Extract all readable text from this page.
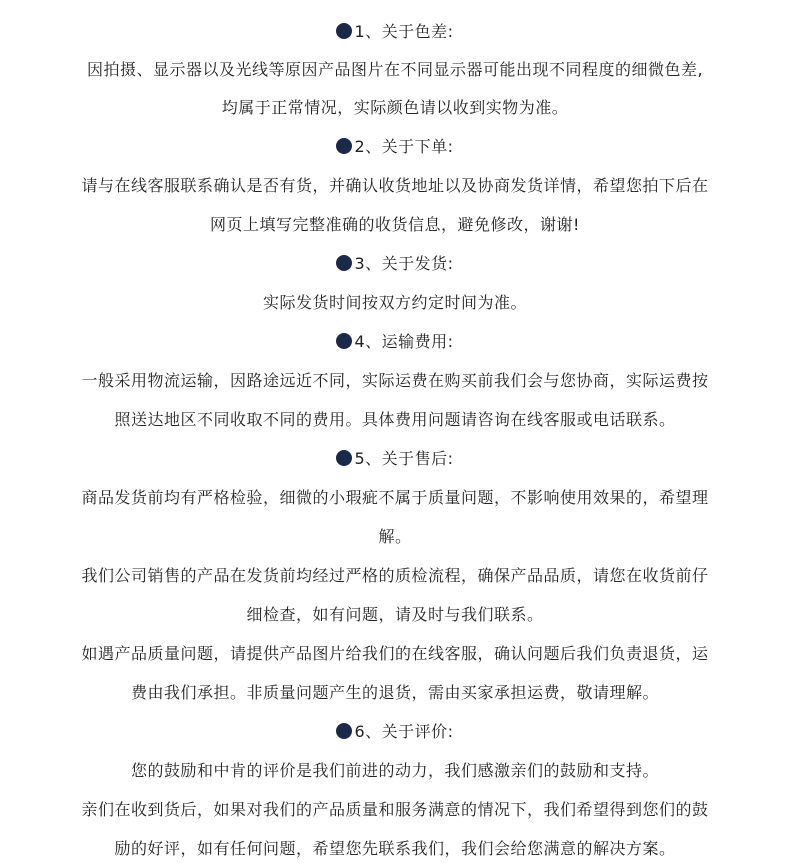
1、关于色差:
因拍摄、显示器以及光线等原因产品图片在不同显示器可能出现不同程度的细微色差,
均属于正常情况，实际颜色请以收到实物为准。
2、关于下单:
请与在线客服联系确认是否有货，并确认收货地址以及协商发货详情，希望您拍下后在
网页上填写完整准确的收货信息，避免修改，谢谢!
3、关于发货:
实际发货时间按双方约定时间为准。
4、运输费用:
一般采用物流运输，因路途远近不同，实际运费在购买前我们会与您协商，实际运费按
照送达地区不同收取不同的费用。具体费用问题请咨询在线客服或电话联系。
5、关于售后:
商品发货前均有严格检验，细微的小瑕疵不属于质量问题，不影响使用效果的，希望理
解。
我们公司销售的产品在发货前均经过严格的质检流程，确保产品品质，请您在收货前仔
细检查，如有问题，请及时与我们联系。
如遇产品质量问题，请提供产品图片给我们的在线客服，确认问题后我们负责退货，运
费由我们承担。非质量问题产生的退货，需由买家承担运费，敬请理解。
6、关于评价:
您的鼓励和中肯的评价是我们前进的动力，我们感激亲们的鼓励和支持。
亲们在收到货后，如果对我们的产品质量和服务满意的情况下，我们希望得到您们的鼓
励的好评，如有任何问题，希望您先联系我们，我们会给您满意的解决方案。
